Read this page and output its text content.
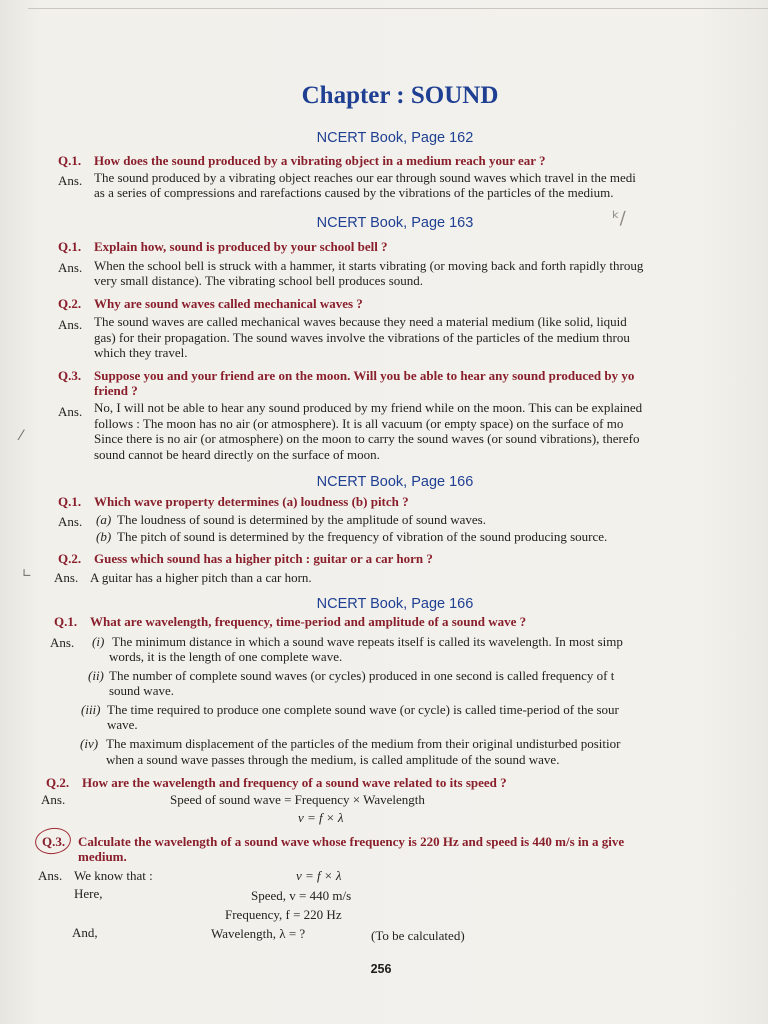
Chapter : SOUND
NCERT Book, Page 162
Q.1. How does the sound produced by a vibrating object in a medium reach your ear ?
Ans. The sound produced by a vibrating object reaches our ear through sound waves which travel in the medi
as a series of compressions and rarefactions caused by the vibrations of the particles of the medium.
NCERT Book, Page 163	ᵏ∕
Q.1. Explain how, sound is produced by your school bell ?
Ans. When the school bell is struck with a hammer, it starts vibrating (or moving back and forth rapidly throug
very small distance). The vibrating school bell produces sound.
Q.2. Why are sound waves called mechanical waves ?
Ans. The sound waves are called mechanical waves because they need a material medium (like solid, liquid
gas) for their propagation. The sound waves involve the vibrations of the particles of the medium throu
which they travel.
Q.3. Suppose you and your friend are on the moon. Will you be able to hear any sound produced by yo
friend ?
Ans. No, I will not be able to hear any sound produced by my friend while on the moon. This can be explained
follows : The moon has no air (or atmosphere). It is all vacuum (or empty space) on the surface of mo
Since there is no air (or atmosphere) on the moon to carry the sound waves (or sound vibrations), therefo
sound cannot be heard directly on the surface of moon.
⁄
NCERT Book, Page 166
Q.1. Which wave property determines (a) loudness (b) pitch ?
Ans. (a) The loudness of sound is determined by the amplitude of sound waves.
(b) The pitch of sound is determined by the frequency of vibration of the sound producing source.
Q.2. Guess which sound has a higher pitch : guitar or a car horn ?
Ans. A guitar has a higher pitch than a car horn.
∟
NCERT Book, Page 166
Q.1. What are wavelength, frequency, time-period and amplitude of a sound wave ?
Ans. (i) The minimum distance in which a sound wave repeats itself is called its wavelength. In most simp
words, it is the length of one complete wave.
(ii) The number of complete sound waves (or cycles) produced in one second is called frequency of t
sound wave.
(iii) The time required to produce one complete sound wave (or cycle) is called time-period of the sour
wave.
(iv) The maximum displacement of the particles of the medium from their original undisturbed positior
when a sound wave passes through the medium, is called amplitude of the sound wave.
Q.2. How are the wavelength and frequency of a sound wave related to its speed ?
Ans.	Speed of sound wave = Frequency × Wavelength
v = f × λ
Q.3. Calculate the wavelength of a sound wave whose frequency is 220 Hz and speed is 440 m/s in a give
medium.
Ans. We know that :	v = f × λ
Here,	Speed, v = 440 m/s
Frequency, f = 220 Hz
And,	Wavelength, λ = ?	(To be calculated)
256
